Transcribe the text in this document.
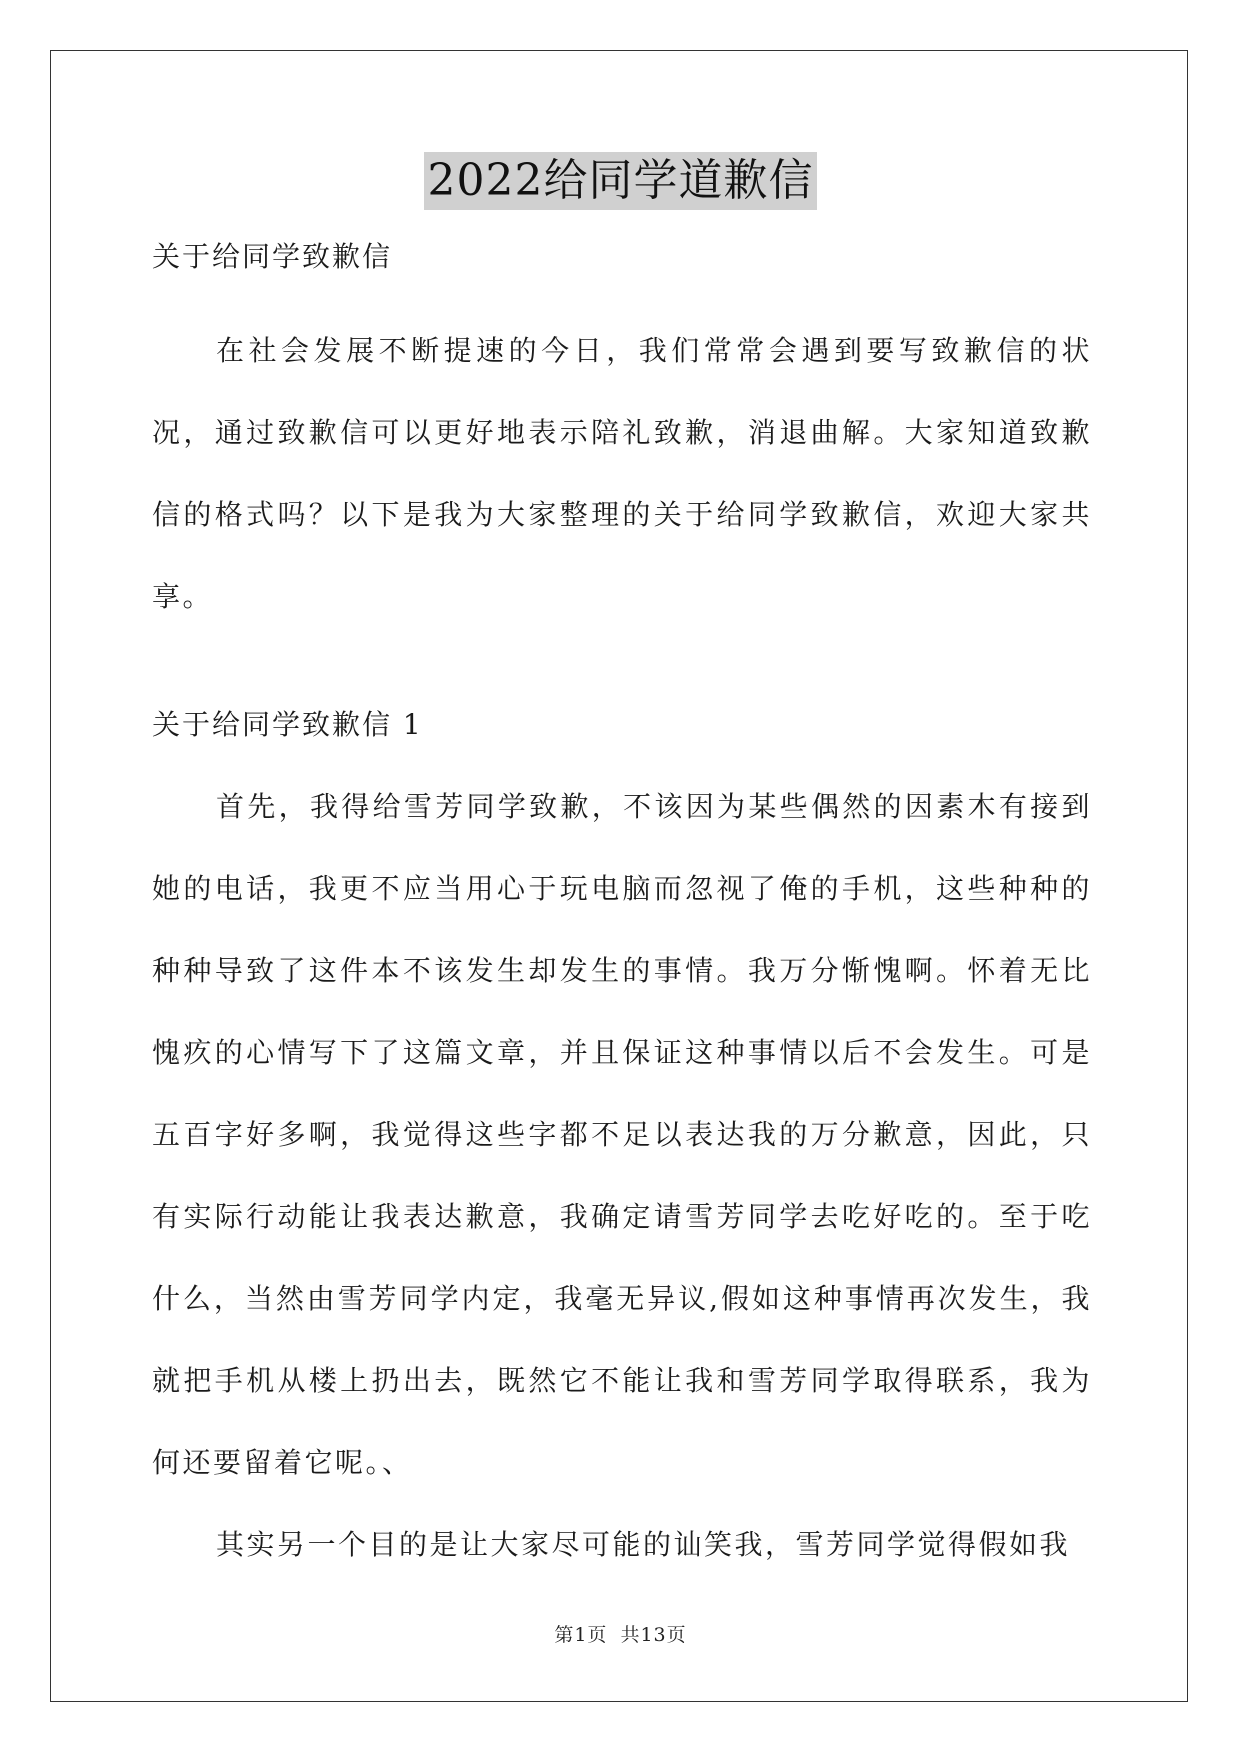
2022给同学道歉信
关于给同学致歉信

在社会发展不断提速的今日，我们常常会遇到要写致歉信的状况，通过致歉信可以更好地表示陪礼致歉，消退曲解。大家知道致歉信的格式吗？以下是我为大家整理的关于给同学致歉信，欢迎大家共享。

关于给同学致歉信 1

首先，我得给雪芳同学致歉，不该因为某些偶然的因素木有接到她的电话，我更不应当用心于玩电脑而忽视了俺的手机，这些种种的种种导致了这件本不该发生却发生的事情。我万分惭愧啊。怀着无比愧疚的心情写下了这篇文章，并且保证这种事情以后不会发生。可是五百字好多啊，我觉得这些字都不足以表达我的万分歉意，因此，只有实际行动能让我表达歉意，我确定请雪芳同学去吃好吃的。至于吃什么，当然由雪芳同学内定，我毫无异议,假如这种事情再次发生，我就把手机从楼上扔出去，既然它不能让我和雪芳同学取得联系，我为何还要留着它呢。、

其实另一个目的是让大家尽可能的讪笑我，雪芳同学觉得假如我

第1页 共13页
